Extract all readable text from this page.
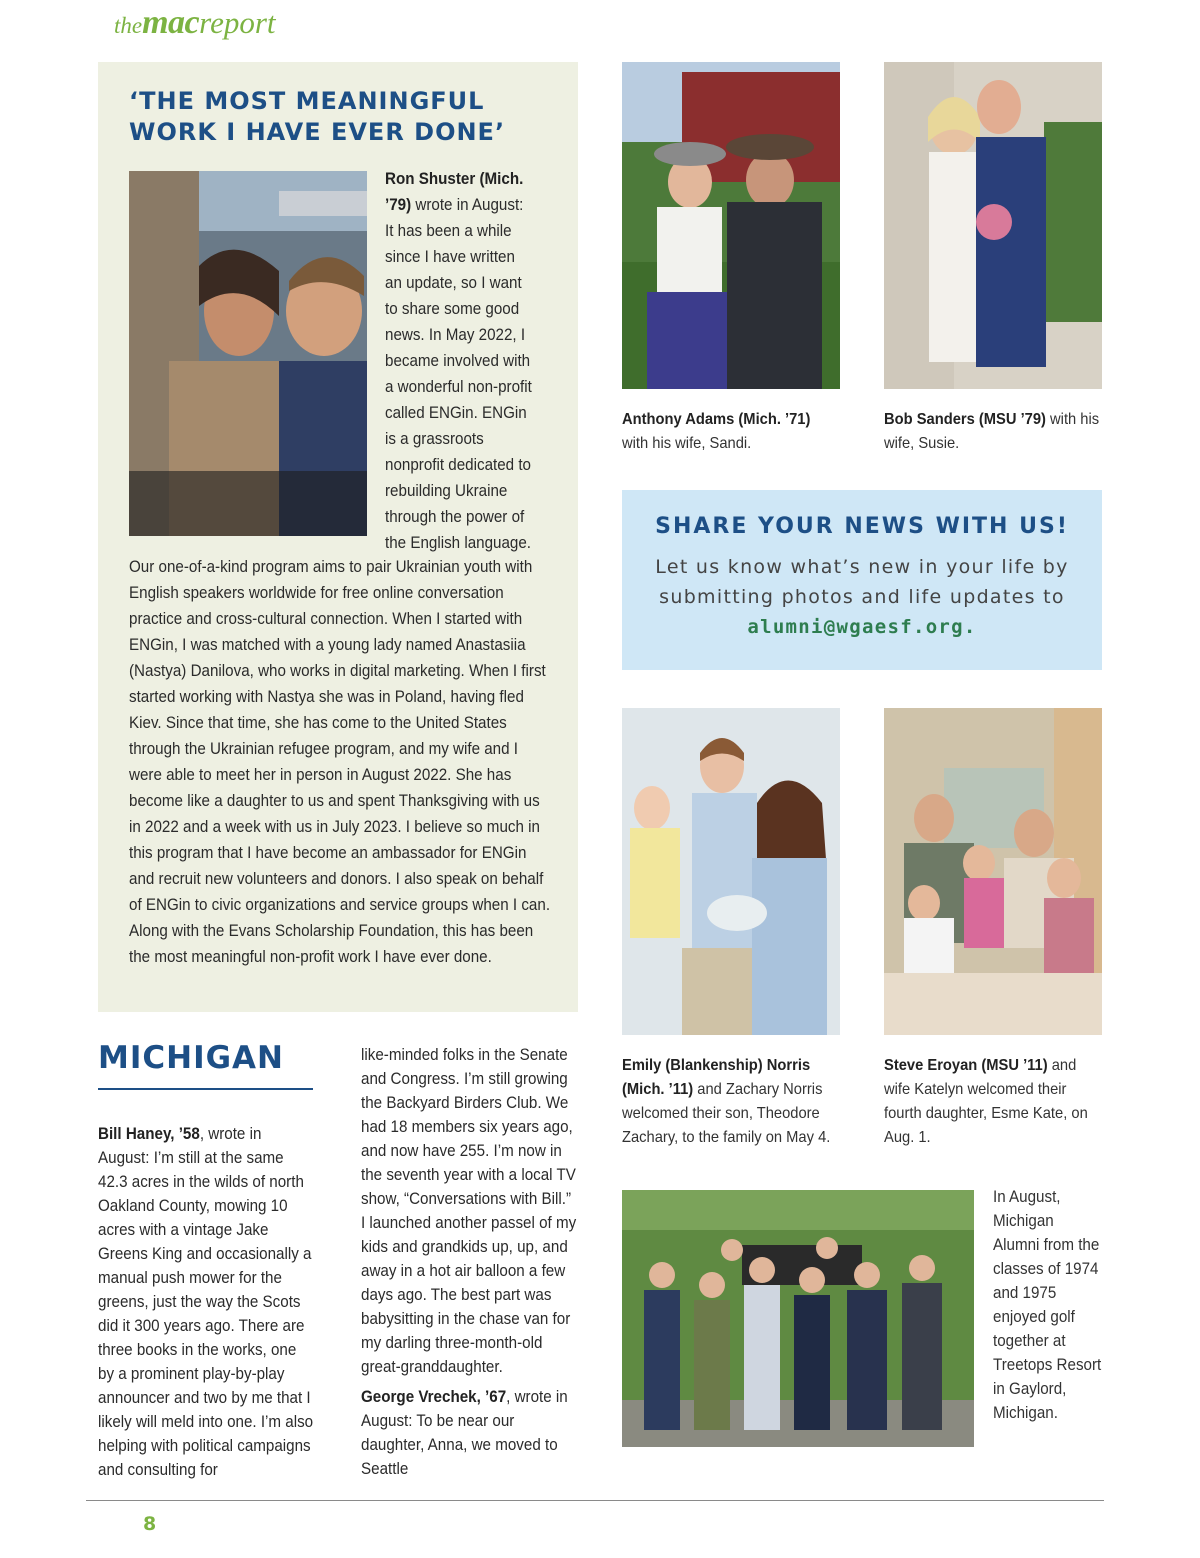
themacreport
‘THE MOST MEANINGFUL
WORK I HAVE EVER DONE’
Ron Shuster (Mich. ’79) wrote in August: It has been a while since I have written an update, so I want to share some good news. In May 2022, I became involved with a wonderful non-profit called ENGin. ENGin is a grassroots nonprofit dedicated to rebuilding Ukraine through the power of the English language.
Our one-of-a-kind program aims to pair Ukrainian youth with English speakers worldwide for free online conversation practice and cross-cultural connection. When I started with ENGin, I was matched with a young lady named Anastasiia (Nastya) Danilova, who works in digital marketing. When I first started working with Nastya she was in Poland, having fled Kiev. Since that time, she has come to the United States through the Ukrainian refugee program, and my wife and I were able to meet her in person in August 2022. She has become like a daughter to us and spent Thanksgiving with us in 2022 and a week with us in July 2023. I believe so much in this program that I have become an ambassador for ENGin and recruit new volunteers and donors. I also speak on behalf of ENGin to civic organizations and service groups when I can. Along with the Evans Scholarship Foundation, this has been the most meaningful non-profit work I have ever done.
Anthony Adams (Mich. ’71) with his wife, Sandi.
Bob Sanders (MSU ’79) with his wife, Susie.
SHARE YOUR NEWS WITH US!
Let us know what’s new in your life by
submitting photos and life updates to
alumni@wgaesf.org.
Emily (Blankenship) Norris (Mich. ’11) and Zachary Norris welcomed their son, Theodore Zachary, to the family on May 4.
Steve Eroyan (MSU ’11) and wife Katelyn welcomed their fourth daughter, Esme Kate, on Aug. 1.
In August, Michigan Alumni from the classes of 1974 and 1975 enjoyed golf together at Treetops Resort in Gaylord, Michigan.
MICHIGAN
Bill Haney, ’58, wrote in August: I’m still at the same 42.3 acres in the wilds of north Oakland County, mowing 10 acres with a vintage Jake Greens King and occasionally a manual push mower for the greens, just the way the Scots did it 300 years ago. There are three books in the works, one by a prominent play-by-play announcer and two by me that I likely will meld into one. I’m also helping with political campaigns and consulting for
like-minded folks in the Senate and Congress. I’m still growing the Backyard Birders Club. We had 18 members six years ago, and now have 255. I’m now in the seventh year with a local TV show, “Conversations with Bill.” I launched another passel of my kids and grandkids up, up, and away in a hot air balloon a few days ago. The best part was babysitting in the chase van for my darling three-month-old great-granddaughter.
George Vrechek, ’67, wrote in August: To be near our daughter, Anna, we moved to Seattle
8
